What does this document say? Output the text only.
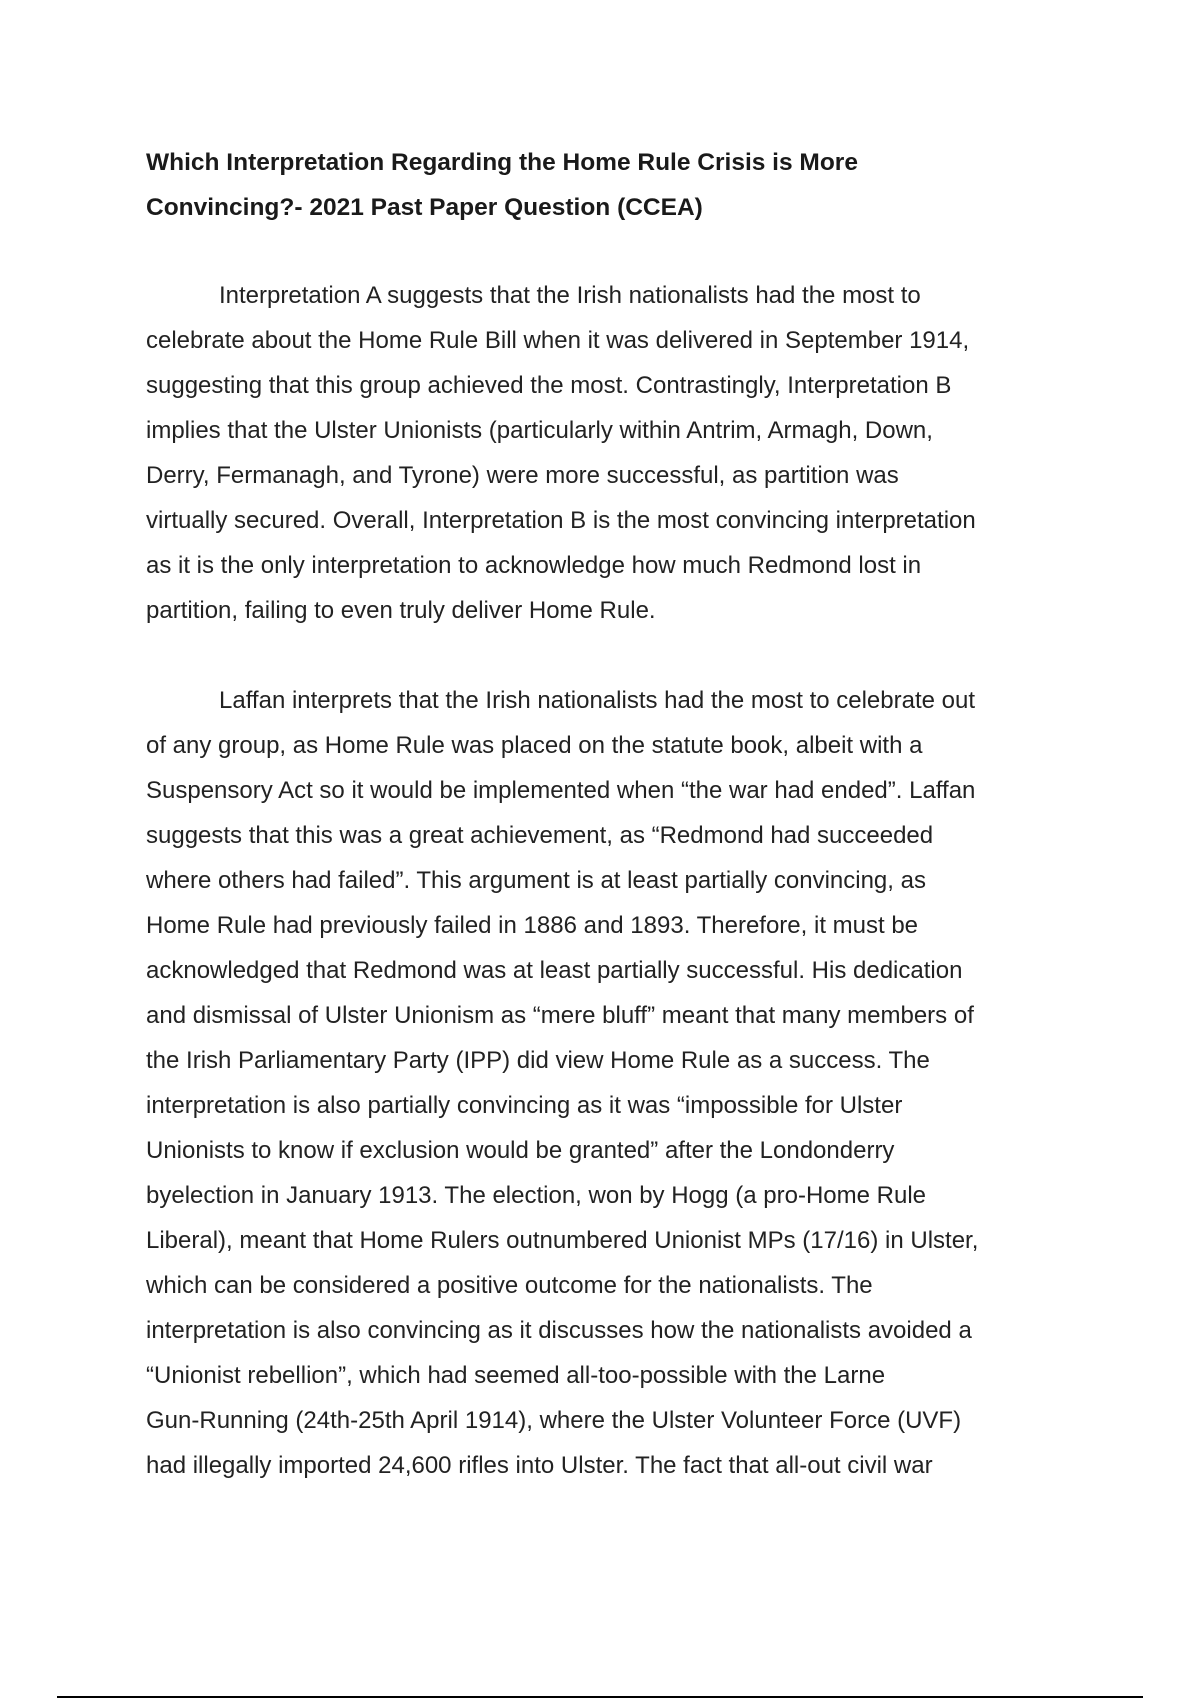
Which Interpretation Regarding the Home Rule Crisis is More
Convincing?- 2021 Past Paper Question (CCEA)
Interpretation A suggests that the Irish nationalists had the most to
celebrate about the Home Rule Bill when it was delivered in September 1914,
suggesting that this group achieved the most. Contrastingly, Interpretation B
implies that the Ulster Unionists (particularly within Antrim, Armagh, Down,
Derry, Fermanagh, and Tyrone) were more successful, as partition was
virtually secured. Overall, Interpretation B is the most convincing interpretation
as it is the only interpretation to acknowledge how much Redmond lost in
partition, failing to even truly deliver Home Rule.
Laffan interprets that the Irish nationalists had the most to celebrate out
of any group, as Home Rule was placed on the statute book, albeit with a
Suspensory Act so it would be implemented when “the war had ended”. Laffan
suggests that this was a great achievement, as “Redmond had succeeded
where others had failed”. This argument is at least partially convincing, as
Home Rule had previously failed in 1886 and 1893. Therefore, it must be
acknowledged that Redmond was at least partially successful. His dedication
and dismissal of Ulster Unionism as “mere bluff” meant that many members of
the Irish Parliamentary Party (IPP) did view Home Rule as a success. The
interpretation is also partially convincing as it was “impossible for Ulster
Unionists to know if exclusion would be granted” after the Londonderry
byelection in January 1913. The election, won by Hogg (a pro-Home Rule
Liberal), meant that Home Rulers outnumbered Unionist MPs (17/16) in Ulster,
which can be considered a positive outcome for the nationalists. The
interpretation is also convincing as it discusses how the nationalists avoided a
“Unionist rebellion”, which had seemed all-too-possible with the Larne
Gun-Running (24th-25th April 1914), where the Ulster Volunteer Force (UVF)
had illegally imported 24,600 rifles into Ulster. The fact that all-out civil war
